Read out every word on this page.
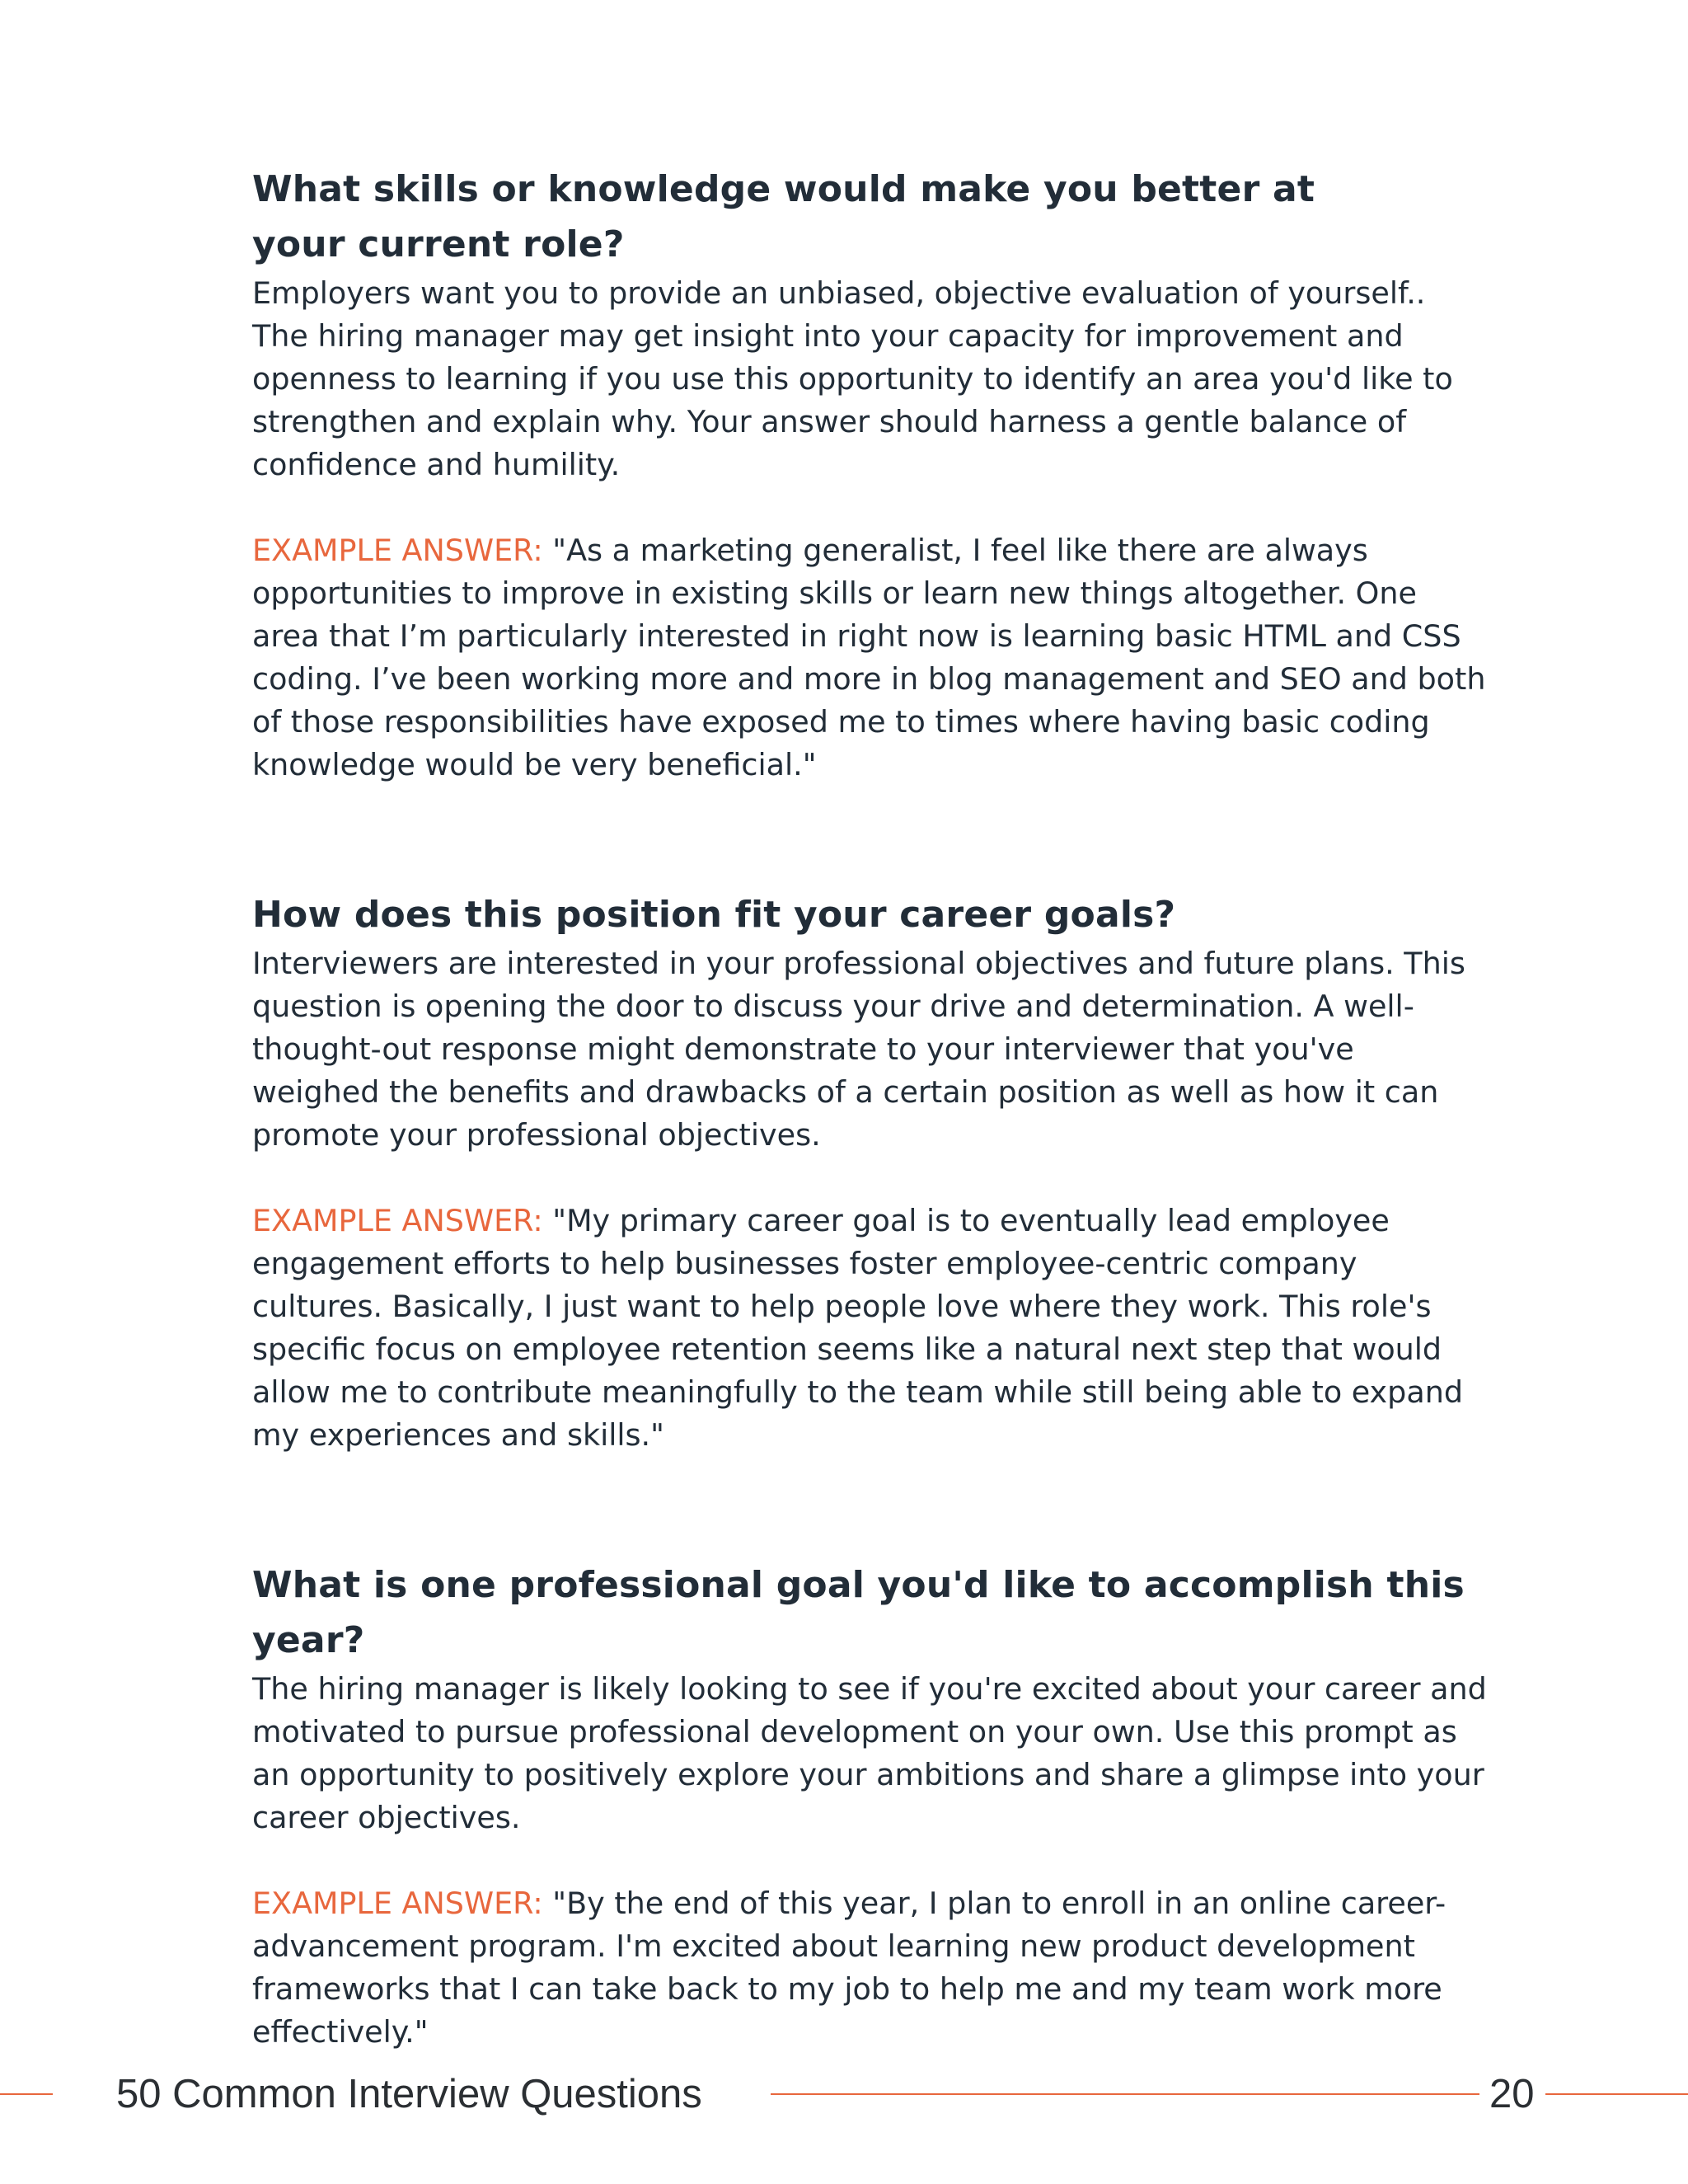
What skills or knowledge would make you better at your current role?

Employers want you to provide an unbiased, objective evaluation of yourself.. The hiring manager may get insight into your capacity for improvement and openness to learning if you use this opportunity to identify an area you'd like to strengthen and explain why. Your answer should harness a gentle balance of confidence and humility.

EXAMPLE ANSWER: "As a marketing generalist, I feel like there are always opportunities to improve in existing skills or learn new things altogether. One area that I’m particularly interested in right now is learning basic HTML and CSS coding. I’ve been working more and more in blog management and SEO and both of those responsibilities have exposed me to times where having basic coding knowledge would be very beneficial."

How does this position fit your career goals?

Interviewers are interested in your professional objectives and future plans. This question is opening the door to discuss your drive and determination. A well-thought-out response might demonstrate to your interviewer that you've weighed the benefits and drawbacks of a certain position as well as how it can promote your professional objectives.

EXAMPLE ANSWER: "My primary career goal is to eventually lead employee engagement efforts to help businesses foster employee-centric company cultures. Basically, I just want to help people love where they work. This role's specific focus on employee retention seems like a natural next step that would allow me to contribute meaningfully to the team while still being able to expand my experiences and skills."

What is one professional goal you'd like to accomplish this year?

The hiring manager is likely looking to see if you're excited about your career and motivated to pursue professional development on your own. Use this prompt as an opportunity to positively explore your ambitions and share a glimpse into your career objectives.

EXAMPLE ANSWER: "By the end of this year, I plan to enroll in an online career-advancement program. I'm excited about learning new product development frameworks that I can take back to my job to help me and my team work more effectively."

50 Common Interview Questions	20
